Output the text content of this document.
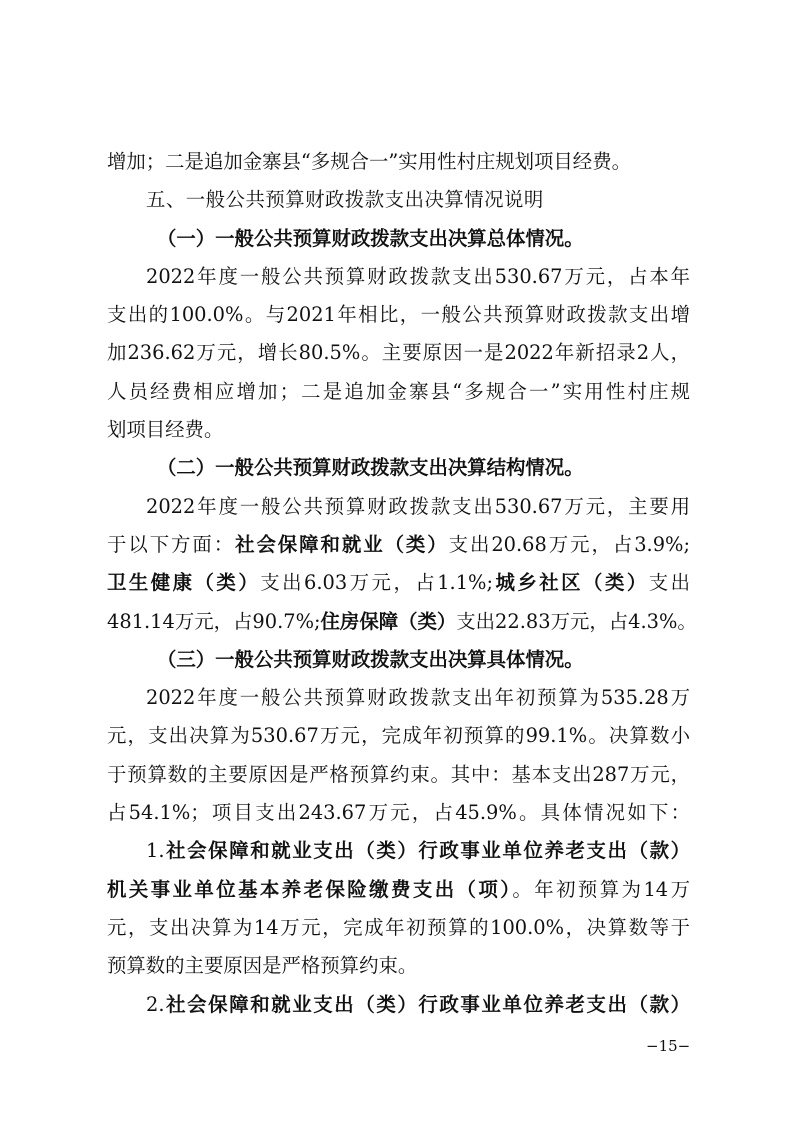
增加；二是追加金寨县“多规合一”实用性村庄规划项目经费。
五、一般公共预算财政拨款支出决算情况说明
（一）一般公共预算财政拨款支出决算总体情况。
2022年度一般公共预算财政拨款支出530.67万元，占本年
支出的100.0%。与2021年相比，一般公共预算财政拨款支出增
加236.62万元，增长80.5%。主要原因一是2022年新招录2人，
人员经费相应增加；二是追加金寨县“多规合一”实用性村庄规
划项目经费。
（二）一般公共预算财政拨款支出决算结构情况。
2022年度一般公共预算财政拨款支出530.67万元，主要用
于以下方面：社会保障和就业（类）支出20.68万元，占3.9%;
卫生健康（类）支出6.03万元，占1.1%;城乡社区（类）支出
481.14万元，占90.7%;住房保障（类）支出22.83万元，占4.3%。
（三）一般公共预算财政拨款支出决算具体情况。
2022年度一般公共预算财政拨款支出年初预算为535.28万
元，支出决算为530.67万元，完成年初预算的99.1%。决算数小
于预算数的主要原因是严格预算约束。其中：基本支出287万元，
占54.1%；项目支出243.67万元，占45.9%。具体情况如下：
1.社会保障和就业支出（类）行政事业单位养老支出（款）
机关事业单位基本养老保险缴费支出（项）。年初预算为14万
元，支出决算为14万元，完成年初预算的100.0%，决算数等于
预算数的主要原因是严格预算约束。
2.社会保障和就业支出（类）行政事业单位养老支出（款）
−15−
